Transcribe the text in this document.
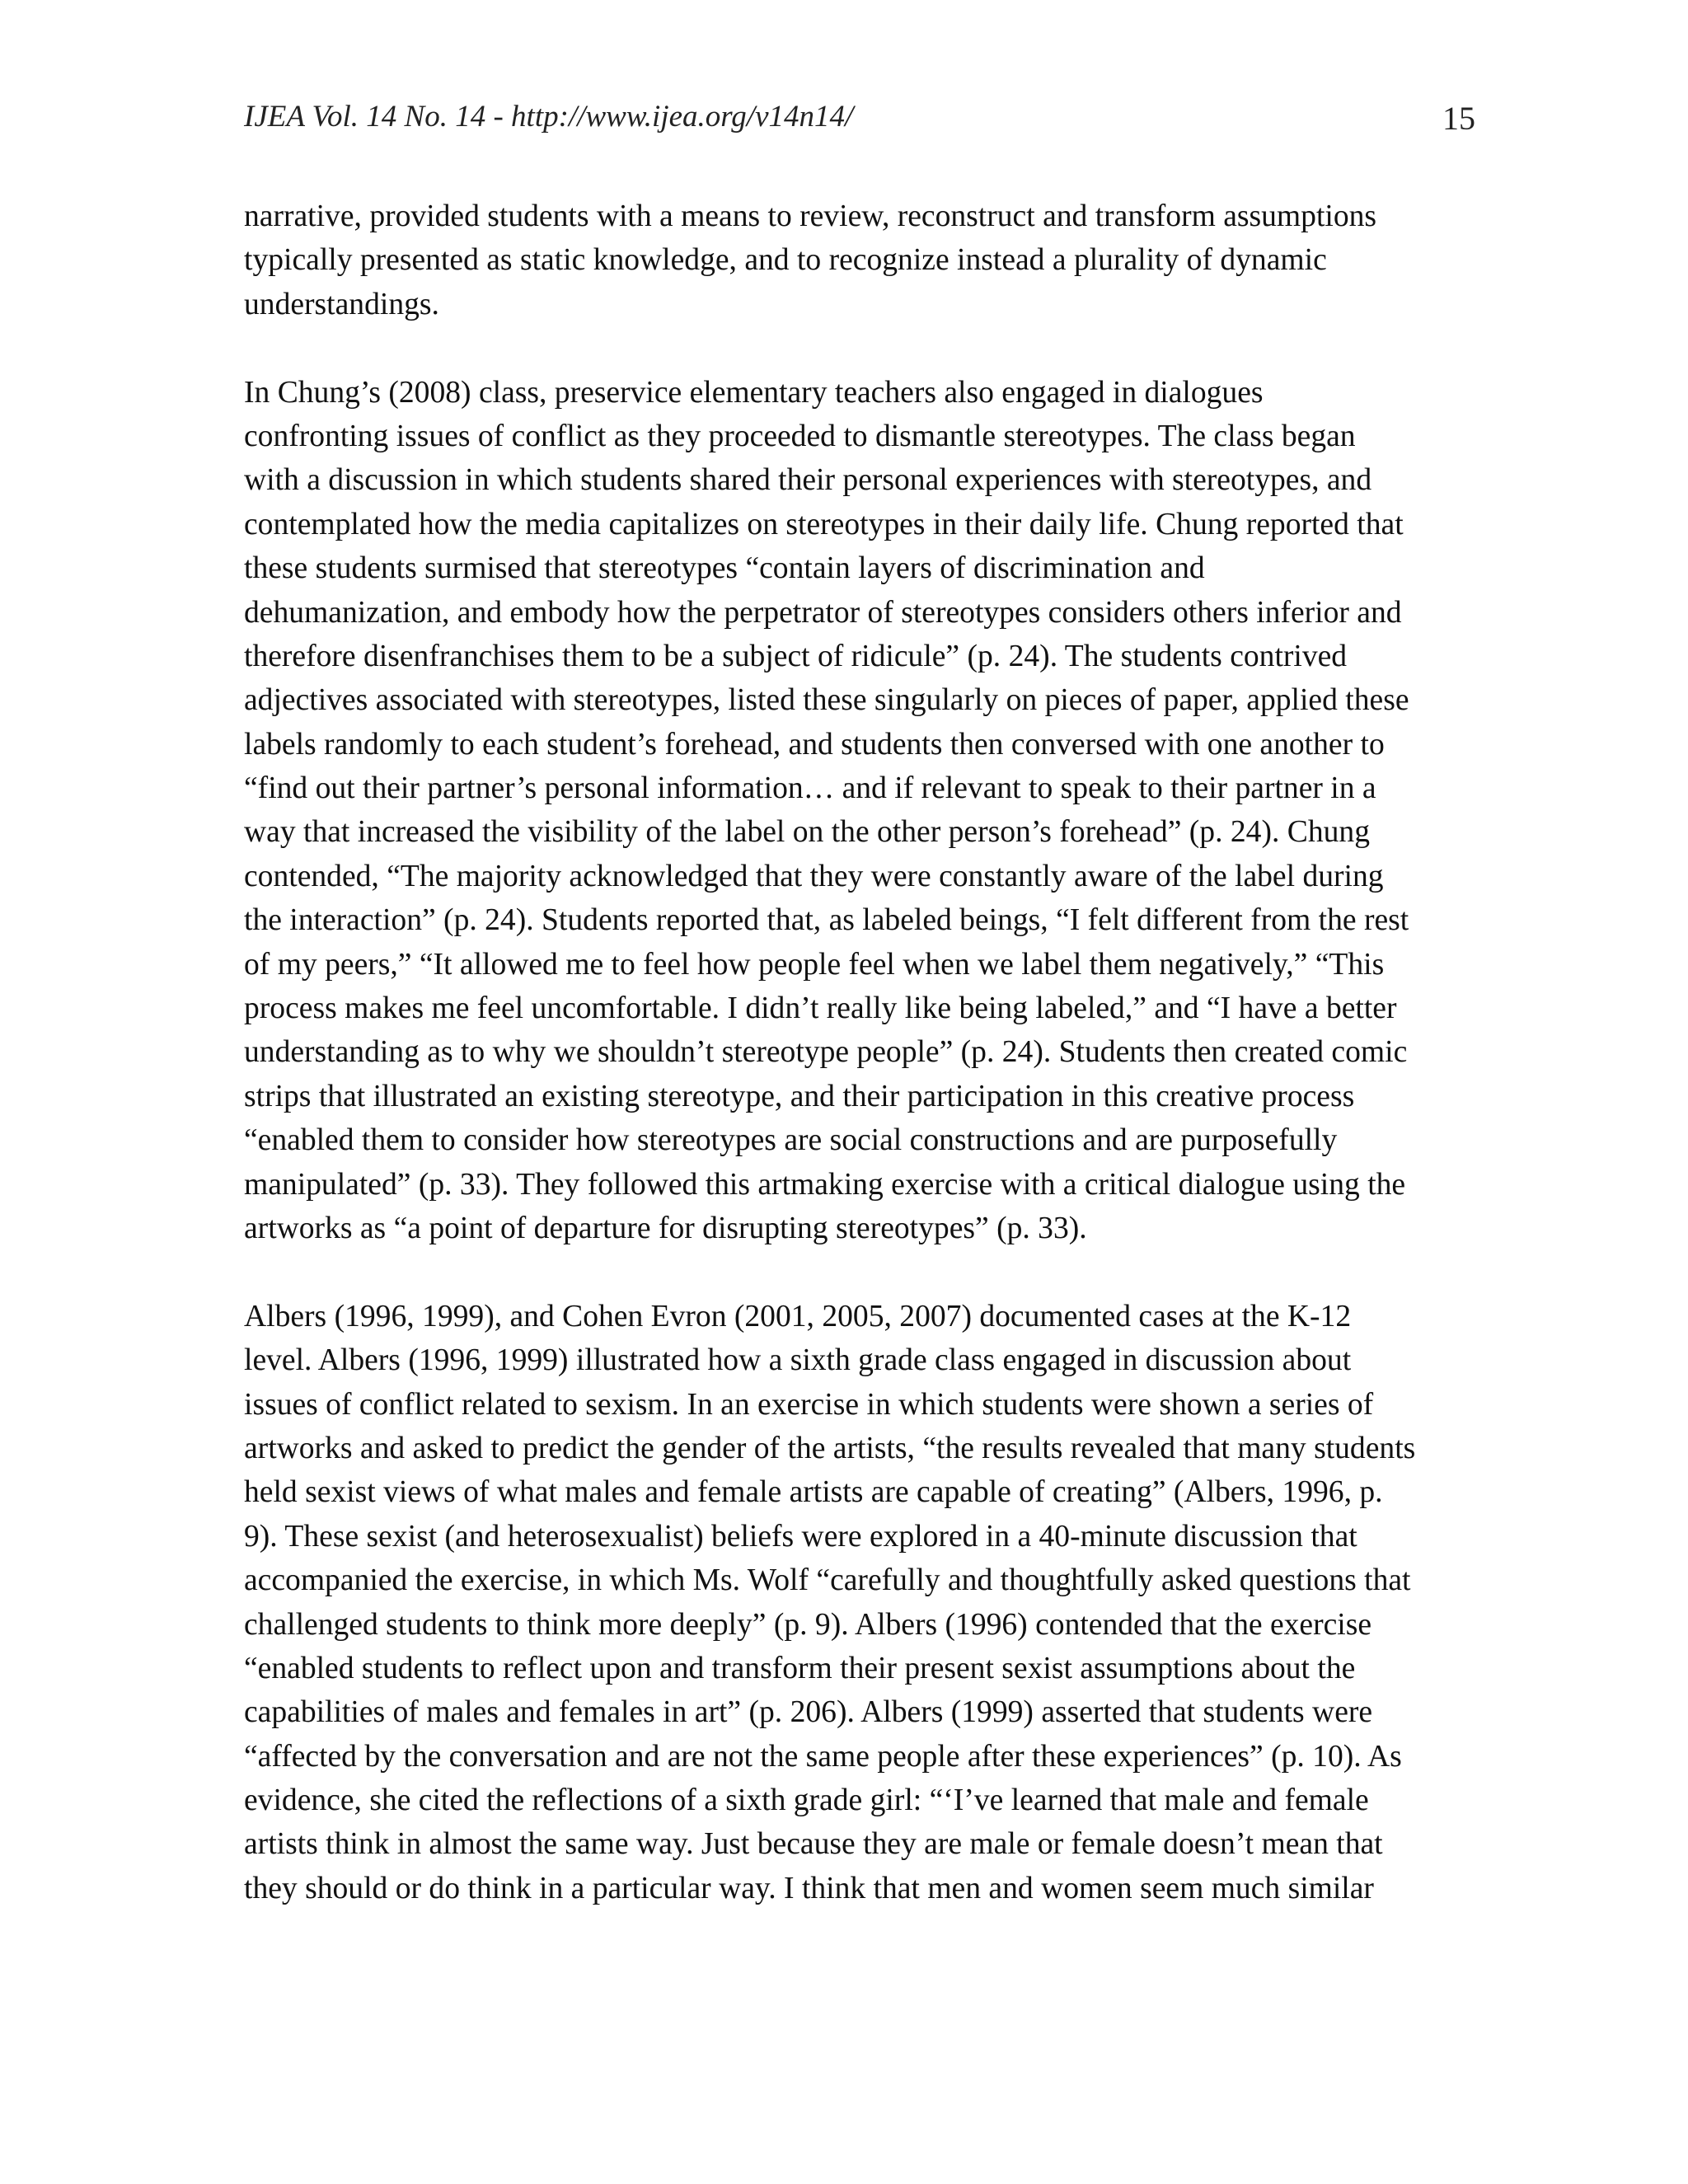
IJEA Vol. 14 No. 14 - http://www.ijea.org/v14n14/	15
narrative, provided students with a means to review, reconstruct and transform assumptions
typically presented as static knowledge, and to recognize instead a plurality of dynamic
understandings.
In Chung’s (2008) class, preservice elementary teachers also engaged in dialogues
confronting issues of conflict as they proceeded to dismantle stereotypes. The class began
with a discussion in which students shared their personal experiences with stereotypes, and
contemplated how the media capitalizes on stereotypes in their daily life. Chung reported that
these students surmised that stereotypes “contain layers of discrimination and
dehumanization, and embody how the perpetrator of stereotypes considers others inferior and
therefore disenfranchises them to be a subject of ridicule” (p. 24). The students contrived
adjectives associated with stereotypes, listed these singularly on pieces of paper, applied these
labels randomly to each student’s forehead, and students then conversed with one another to
“find out their partner’s personal information… and if relevant to speak to their partner in a
way that increased the visibility of the label on the other person’s forehead” (p. 24). Chung
contended, “The majority acknowledged that they were constantly aware of the label during
the interaction” (p. 24). Students reported that, as labeled beings, “I felt different from the rest
of my peers,” “It allowed me to feel how people feel when we label them negatively,” “This
process makes me feel uncomfortable. I didn’t really like being labeled,” and “I have a better
understanding as to why we shouldn’t stereotype people” (p. 24). Students then created comic
strips that illustrated an existing stereotype, and their participation in this creative process
“enabled them to consider how stereotypes are social constructions and are purposefully
manipulated” (p. 33). They followed this artmaking exercise with a critical dialogue using the
artworks as “a point of departure for disrupting stereotypes” (p. 33).
Albers (1996, 1999), and Cohen Evron (2001, 2005, 2007) documented cases at the K-12
level. Albers (1996, 1999) illustrated how a sixth grade class engaged in discussion about
issues of conflict related to sexism. In an exercise in which students were shown a series of
artworks and asked to predict the gender of the artists, “the results revealed that many students
held sexist views of what males and female artists are capable of creating” (Albers, 1996, p.
9). These sexist (and heterosexualist) beliefs were explored in a 40-minute discussion that
accompanied the exercise, in which Ms. Wolf “carefully and thoughtfully asked questions that
challenged students to think more deeply” (p. 9). Albers (1996) contended that the exercise
“enabled students to reflect upon and transform their present sexist assumptions about the
capabilities of males and females in art” (p. 206). Albers (1999) asserted that students were
“affected by the conversation and are not the same people after these experiences” (p. 10). As
evidence, she cited the reflections of a sixth grade girl: “‘I’ve learned that male and female
artists think in almost the same way. Just because they are male or female doesn’t mean that
they should or do think in a particular way. I think that men and women seem much similar
